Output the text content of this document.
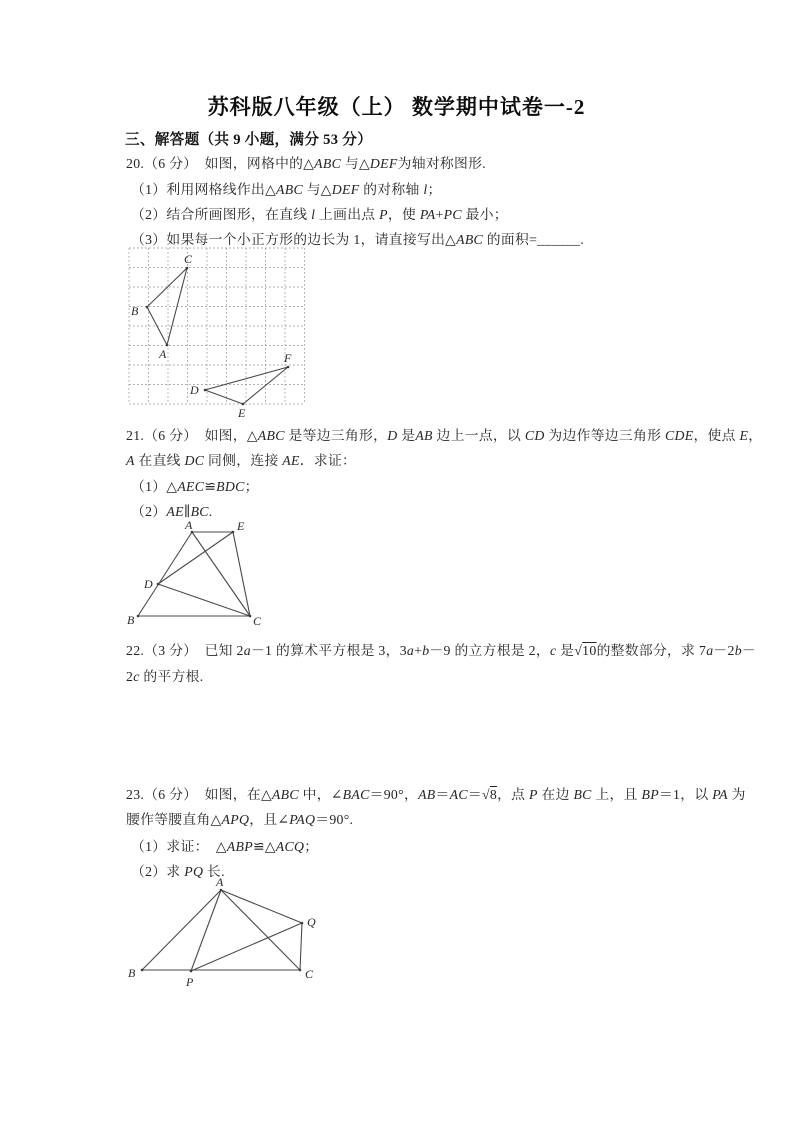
苏科版八年级（上） 数学期中试卷一-2
三、解答题（共 9 小题，满分 53 分）
20.（6 分）　如图，网格中的△ABC 与△DEF为轴对称图形.
（1）利用网格线作出△ABC 与△DEF 的对称轴 l；
（2）结合所画图形，在直线 l 上画出点 P，使 PA+PC 最小；
（3）如果每一个小正方形的边长为 1，请直接写出△ABC 的面积=______.
A
B
C
D
E
F
21.（6 分）　如图，△ABC 是等边三角形，D 是AB 边上一点，以 CD 为边作等边三角形 CDE，使点 E，
A 在直线 DC 同侧，连接 AE．求证：
（1）△AEC≌BDC；
（2）AE∥BC.
A	E
D
B	C
22.（3 分）　已知 2a－1 的算术平方根是 3，3a+b－9 的立方根是 2，c 是√10的整数部分，求 7a－2b－
2c 的平方根.
23.（6 分）　如图，在△ABC 中，∠BAC＝90°，AB＝AC＝√8，点 P 在边 BC 上，且 BP＝1，以 PA 为
腰作等腰直角△APQ，且∠PAQ＝90°.
（1）求证：　△ABP≌△ACQ；
（2）求 PQ 长.
A
Q
B
P
C
